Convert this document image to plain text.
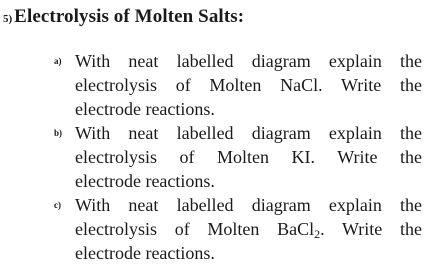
5) Electrolysis of Molten Salts:
a) With neat labelled diagram explain the
electrolysis of Molten NaCl. Write the
electrode reactions.
b) With neat labelled diagram explain the
electrolysis of Molten KI. Write the
electrode reactions.
c) With neat labelled diagram explain the
electrolysis of Molten BaCl$_2$. Write the
electrode reactions.
